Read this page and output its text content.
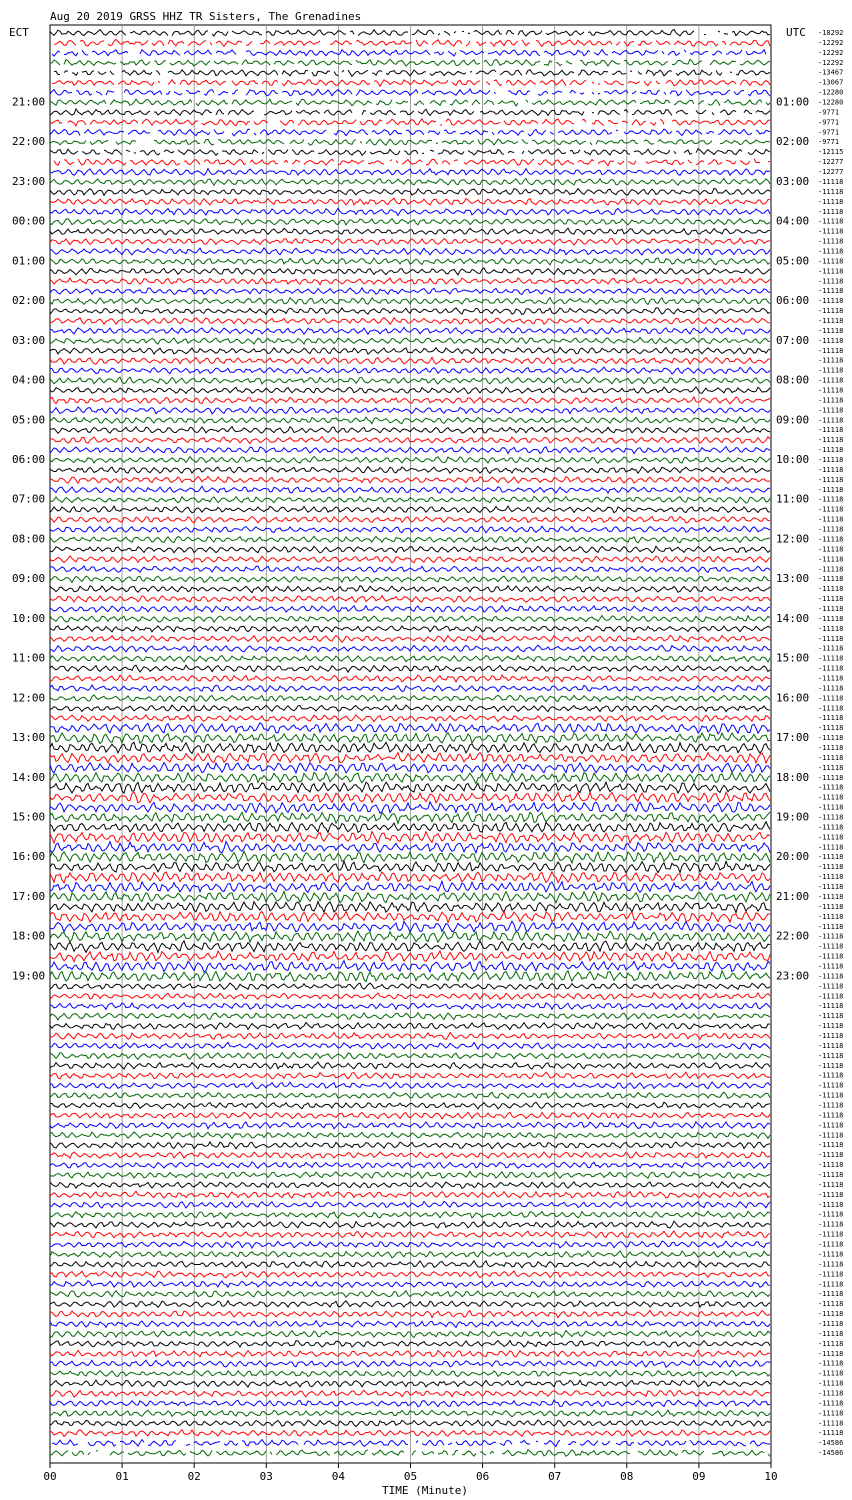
Aug 20 2019 GRSS HHZ TR Sisters, The Grenadines
ECT	UTC
21:00
22:00
23:00
00:00
01:00
02:00
03:00
04:00
05:00
06:00
07:00
08:00
09:00
10:00
11:00
12:00
13:00
14:00
15:00
16:00
17:00
18:00
19:00
01:00
02:00
03:00
04:00
05:00
06:00
07:00
08:00
09:00
10:00
11:00
12:00
13:00
14:00
15:00
16:00
17:00
18:00
19:00
20:00
21:00
22:00
23:00
-18292
-12292
-12292
-12292
-13467
-13067
-12280
-12280
-9771
-9771
-9771
-9771
-12115
-12277
-12277
-11118
-11118
-11118
-11118
-11118
-11118
-11118
-11118
-11118
-11118
-11118
-11118
-11118
-11118
-11118
-11118
-11118
-11118
-11118
-11118
-11118
-11118
-11118
-11118
-11118
-11118
-11118
-11118
-11118
-11118
-11118
-11118
-11118
-11118
-11118
-11118
-11118
-11118
-11118
-11118
-11118
-11118
-11118
-11118
-11118
-11118
-11118
-11118
-11118
-11118
-11118
-11118
-11118
-11118
-11118
-11118
-11118
-11118
-11118
-11118
-11118
-11118
-11118
-11118
-11118
-11118
-11118
-11118
-11118
-11118
-11118
-11118
-11118
-11118
-11118
-11118
-11118
-11118
-11118
-11118
-11118
-11118
-11118
-11118
-11118
-11118
-11118
-11118
-11118
-11118
-11118
-11118
-11118
-11118
-11118
-11118
-11118
-11118
-11118
-11118
-11118
-11118
-11118
-11118
-11118
-11118
-11118
-11118
-11118
-11118
-11118
-11118
-11118
-11118
-11118
-11118
-11118
-11118
-11118
-11118
-11118
-11118
-11118
-11118
-11118
-11118
-11118
-14586
-14586
00	01	02	03	04	05	06	07	08	09	10
TIME (Minute)
